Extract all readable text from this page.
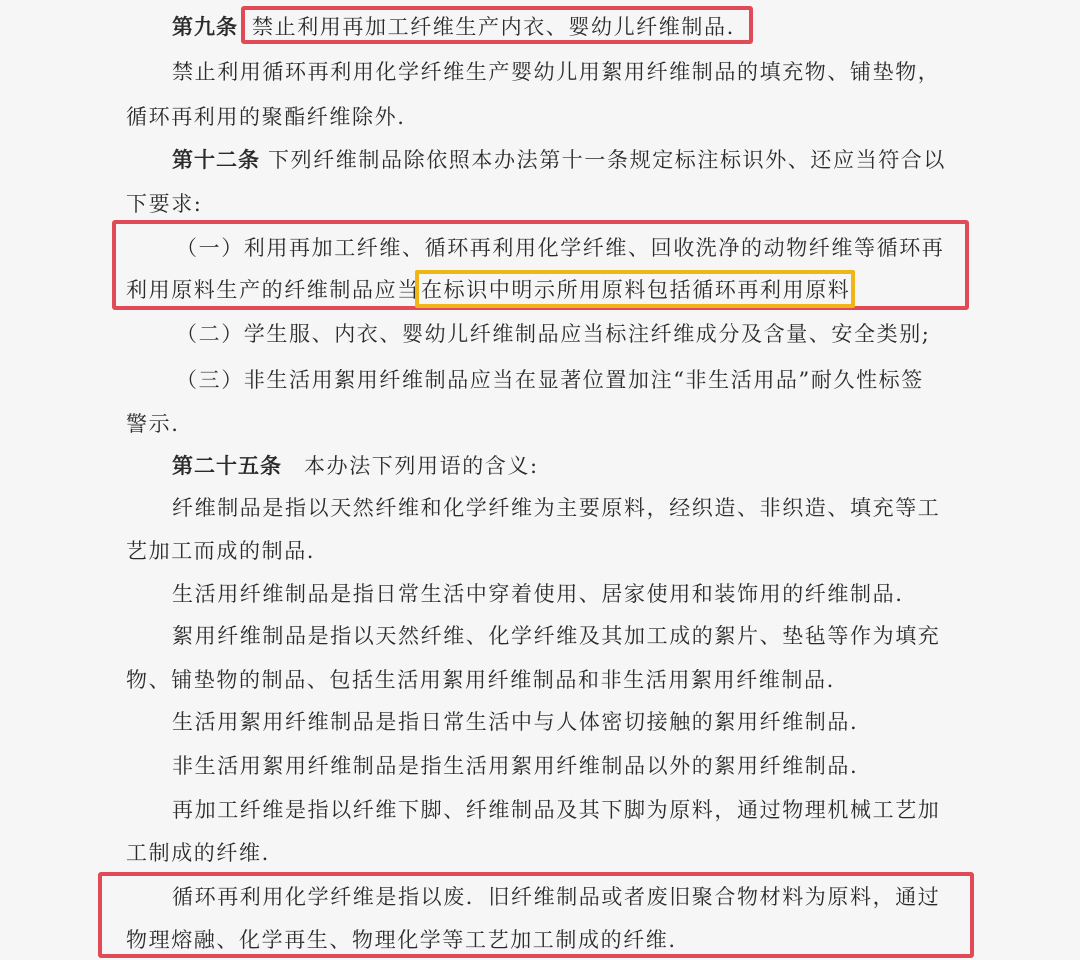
第九条 禁止利用再加工纤维生产内衣、婴幼儿纤维制品.
禁止利用循环再利用化学纤维生产婴幼儿用絮用纤维制品的填充物、铺垫物，
循环再利用的聚酯纤维除外.
第十二条 下列纤维制品除依照本办法第十一条规定标注标识外、还应当符合以
下要求:
（一）利用再加工纤维、循环再利用化学纤维、回收洗净的动物纤维等循环再
利用原料生产的纤维制品应当 在标识中明示所用原料包括循环再利用原料
（二）学生服、内衣、婴幼儿纤维制品应当标注纤维成分及含量、安全类别;
（三）非生活用絮用纤维制品应当在显著位置加注“非生活用品”耐久性标签
警示.
第二十五条 本办法下列用语的含义:
纤维制品是指以天然纤维和化学纤维为主要原料，经织造、非织造、填充等工
艺加工而成的制品.
生活用纤维制品是指日常生活中穿着使用、居家使用和装饰用的纤维制品.
絮用纤维制品是指以天然纤维、化学纤维及其加工成的絮片、垫毡等作为填充
物、铺垫物的制品、包括生活用絮用纤维制品和非生活用絮用纤维制品.
生活用絮用纤维制品是指日常生活中与人体密切接触的絮用纤维制品.
非生活用絮用纤维制品是指生活用絮用纤维制品以外的絮用纤维制品.
再加工纤维是指以纤维下脚、纤维制品及其下脚为原料，通过物理机械工艺加
工制成的纤维.
循环再利用化学纤维是指以废．旧纤维制品或者废旧聚合物材料为原料，通过
物理熔融、化学再生、物理化学等工艺加工制成的纤维.
